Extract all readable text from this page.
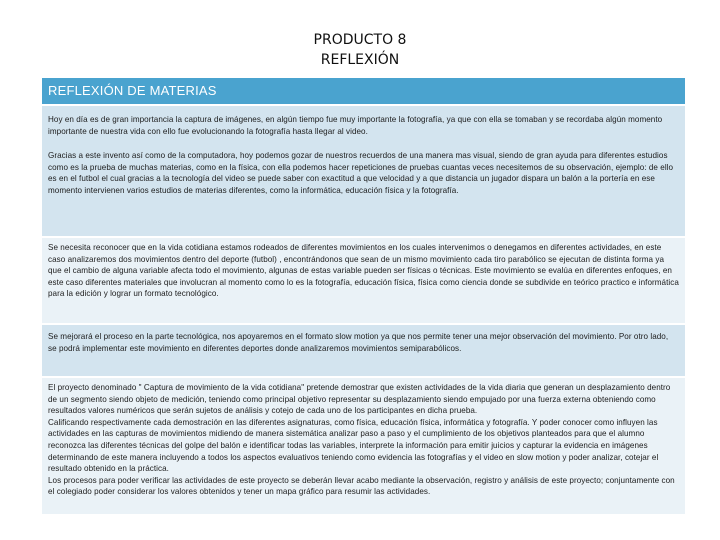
PRODUCTO 8
REFLEXIÓN
REFLEXIÓN DE MATERIAS

Hoy en día es de gran importancia la captura de imágenes, en algún tiempo fue muy importante la fotografía, ya que con ella se tomaban y se recordaba algún momento importante de nuestra vida con ello fue evolucionando la fotografía hasta llegar al video.

Gracias a este invento así como de la computadora, hoy podemos gozar de nuestros recuerdos de una manera mas visual, siendo de gran ayuda para diferentes estudios como es la prueba de muchas materias, como en la física, con ella podemos hacer repeticiones de pruebas cuantas veces necesitemos de su observación, ejemplo: de ello es en el futbol el cual gracias a la tecnología del video se puede saber con exactitud a que velocidad y a que distancia un jugador dispara un balón a la portería en ese momento intervienen varios estudios de materias diferentes, como la informática, educación física y la fotografía.

Se necesita reconocer que en la vida cotidiana estamos rodeados de diferentes movimientos en los cuales intervenimos o denegamos en diferentes actividades, en este caso analizaremos dos movimientos dentro del deporte (futbol) , encontrándonos que sean de un mismo movimiento cada tiro parabólico se ejecutan de distinta forma ya que el cambio de alguna variable afecta todo el movimiento, algunas de estas variable pueden ser físicas o técnicas. Este movimiento se evalúa en diferentes enfoques, en este caso diferentes materiales que involucran al momento como lo es la fotografía, educación física, física como ciencia donde se subdivide en teórico practico e informática para la edición y lograr un formato tecnológico.

Se mejorará el proceso en la parte tecnológica, nos apoyaremos en el formato slow motion ya que nos permite tener una mejor observación del movimiento. Por otro lado, se podrá implementar este movimiento en diferentes deportes donde analizaremos movimientos semiparabólicos.

El proyecto denominado " Captura de movimiento de la vida cotidiana" pretende demostrar que existen actividades de la vida diaria que generan un desplazamiento dentro de un segmento siendo objeto de medición, teniendo como principal objetivo representar su desplazamiento siendo empujado por una fuerza externa obteniendo como resultados valores numéricos que serán sujetos de análisis y cotejo de cada uno de los participantes en dicha prueba.

Calificando respectivamente cada demostración en las diferentes asignaturas, como física, educación física, informática y fotografía. Y poder conocer como influyen las actividades en las capturas de movimientos midiendo de manera sistemática analizar paso a paso y el cumplimiento de los objetivos planteados para que el alumno reconozca las diferentes técnicas del golpe del balón e identificar todas las variables, interprete la información para emitir juicios y capturar la evidencia en imágenes determinando de este manera incluyendo a todos los aspectos evaluativos teniendo como evidencia las fotografías y el video en slow motion y poder analizar, cotejar el resultado obtenido en la práctica.

Los procesos para poder verificar las actividades de este proyecto se deberán llevar acabo mediante la observación, registro y análisis de este proyecto; conjuntamente con el colegiado poder considerar los valores obtenidos y tener un mapa gráfico para resumir las actividades.
